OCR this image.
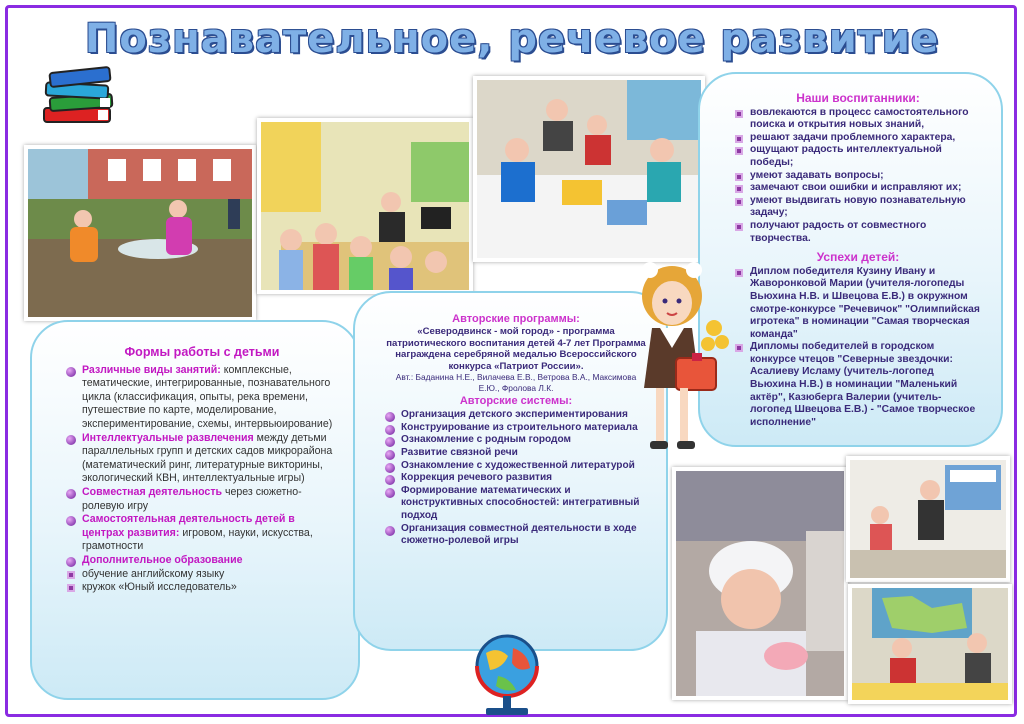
Познавательное, речевое развитие
Формы работы с детьми
Различные виды занятий: комплексные, тематические, интегрированные, познавательного цикла (классификация, опыты, река времени, путешествие по карте, моделирование, экспериментирование, схемы, интервьюирование)
Интеллектуальные развлечения между детьми параллельных групп и детских садов микрорайона (математический ринг, литературные викторины, экологический КВН, интеллектуальные игры)
Совместная деятельность через сюжетно-ролевую игру
Самостоятельная деятельность детей в центрах развития: игровом, науки, искусства, грамотности
Дополнительное образование
обучение английскому языку
кружок «Юный исследователь»
Авторские программы:
«Северодвинск - мой город» - программа патриотического воспитания детей 4-7 лет Программа награждена серебряной медалью Всероссийского конкурса «Патриот России».
Авт.: Баданина Н.Е., Вилачева Е.В., Ветрова В.А., Максимова Е.Ю., Фролова Л.К.
Авторские системы:
Организация детского экспериментирования
Конструирование из строительного материала
Ознакомление с родным городом
Развитие связной речи
Ознакомление с художественной литературой
Коррекция речевого развития
Формирование математических и конструктивных способностей: интегративный подход
Организация совместной деятельности в ходе сюжетно-ролевой игры
Наши воспитанники:
вовлекаются в процесс самостоятельного поиска и открытия новых знаний,
решают задачи проблемного характера,
ощущают радость интеллектуальной победы;
умеют задавать вопросы;
замечают свои ошибки и исправляют их;
умеют выдвигать новую познавательную задачу;
получают радость от совместного творчества.
Успехи детей:
Диплом победителя Кузину Ивану и Жаворонковой Марии (учителя-логопеды Вьюхина Н.В. и Швецова Е.В.) в окружном смотре-конкурсе "Речевичок" "Олимпийская игротека" в номинации "Самая творческая команда"
Дипломы победителей в городском конкурсе чтецов "Северные звездочки: Асалиеву Исламу (учитель-логопед Вьюхина Н.В.) в номинации "Маленький актёр", Казюберга Валерии (учитель-логопед Швецова Е.В.) - "Самое творческое исполнение"
